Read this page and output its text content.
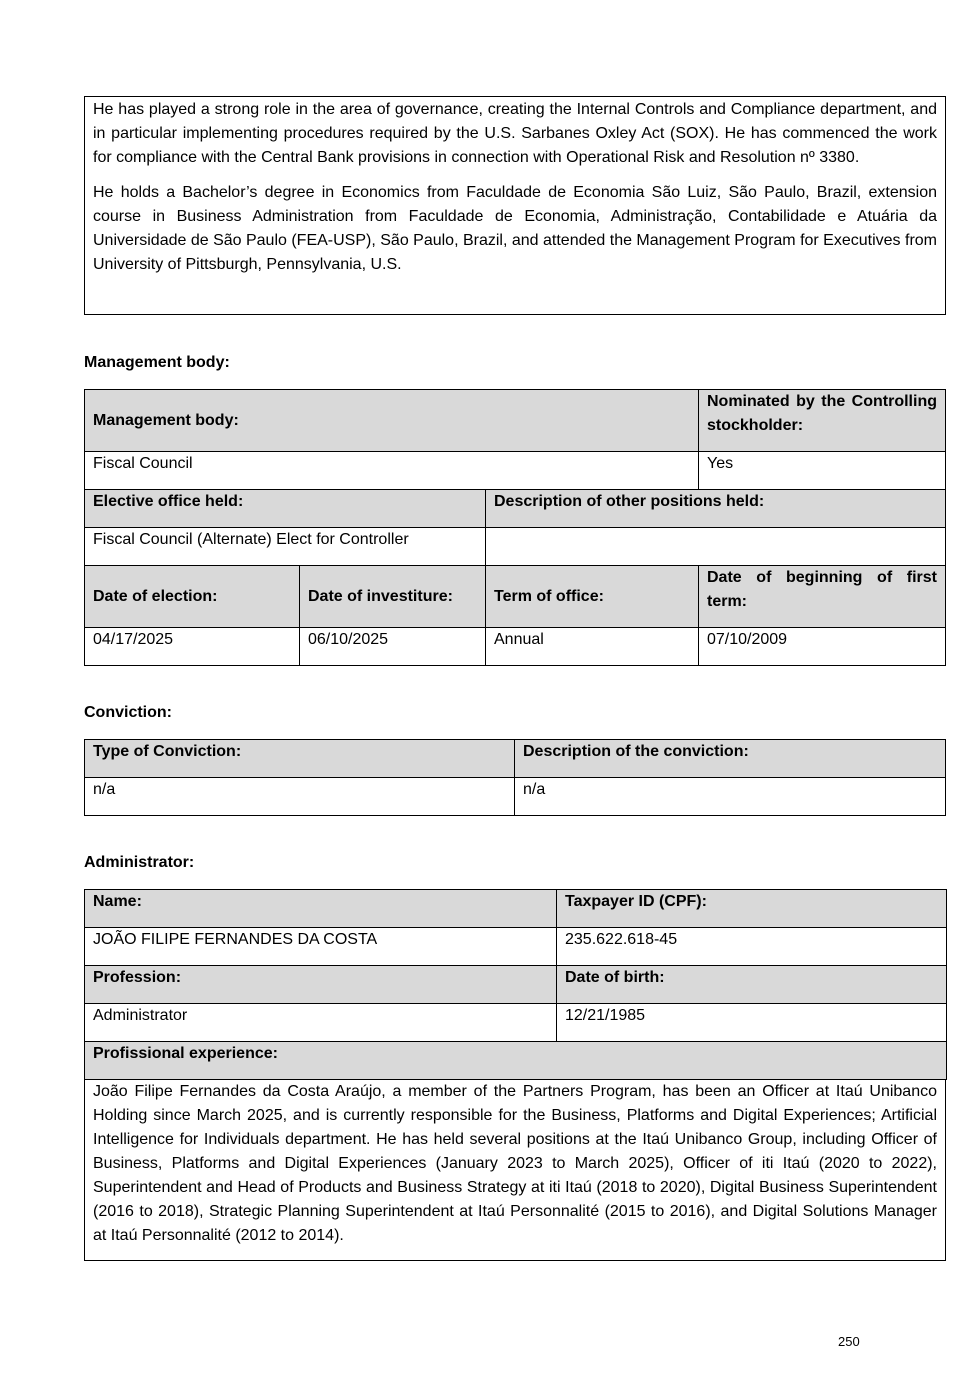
He has played a strong role in the area of governance, creating the Internal Controls and Compliance department, and in particular implementing procedures required by the U.S. Sarbanes Oxley Act (SOX). He has commenced the work for compliance with the Central Bank provisions in connection with Operational Risk and Resolution nº 3380.

He holds a Bachelor’s degree in Economics from Faculdade de Economia São Luiz, São Paulo, Brazil, extension course in Business Administration from Faculdade de Economia, Administração, Contabilidade e Atuária da Universidade de São Paulo (FEA-USP), São Paulo, Brazil, and attended the Management Program for Executives from University of Pittsburgh, Pennsylvania, U.S.

Management body:
Management body:			Nominated by the Controlling stockholder:
Fiscal Council			Yes
Elective office held:		Description of other positions held:	
Fiscal Council (Alternate) Elect for Controller			
Date of election:	Date of investiture:	Term of office:	Date of beginning of first term:
04/17/2025	06/10/2025	Annual	07/10/2009
Conviction:
Type of Conviction:	Description of the conviction:
n/a	n/a
Administrator:
Name:	Taxpayer ID (CPF):
JOÃO FILIPE FERNANDES DA COSTA	235.622.618-45
Profession:	Date of birth:
Administrator	12/21/1985
Profissional experience:	

João Filipe Fernandes da Costa Araújo, a member of the Partners Program, has been an Officer at Itaú Unibanco Holding since March 2025, and is currently responsible for the Business, Platforms and Digital Experiences; Artificial Intelligence for Individuals department. He has held several positions at the Itaú Unibanco Group, including Officer of Business, Platforms and Digital Experiences (January 2023 to March 2025), Officer of iti Itaú (2020 to 2022), Superintendent and Head of Products and Business Strategy at iti Itaú (2018 to 2020), Digital Business Superintendent (2016 to 2018), Strategic Planning Superintendent at Itaú Personnalité (2015 to 2016), and Digital Solutions Manager at Itaú Personnalité (2012 to 2014).

250
